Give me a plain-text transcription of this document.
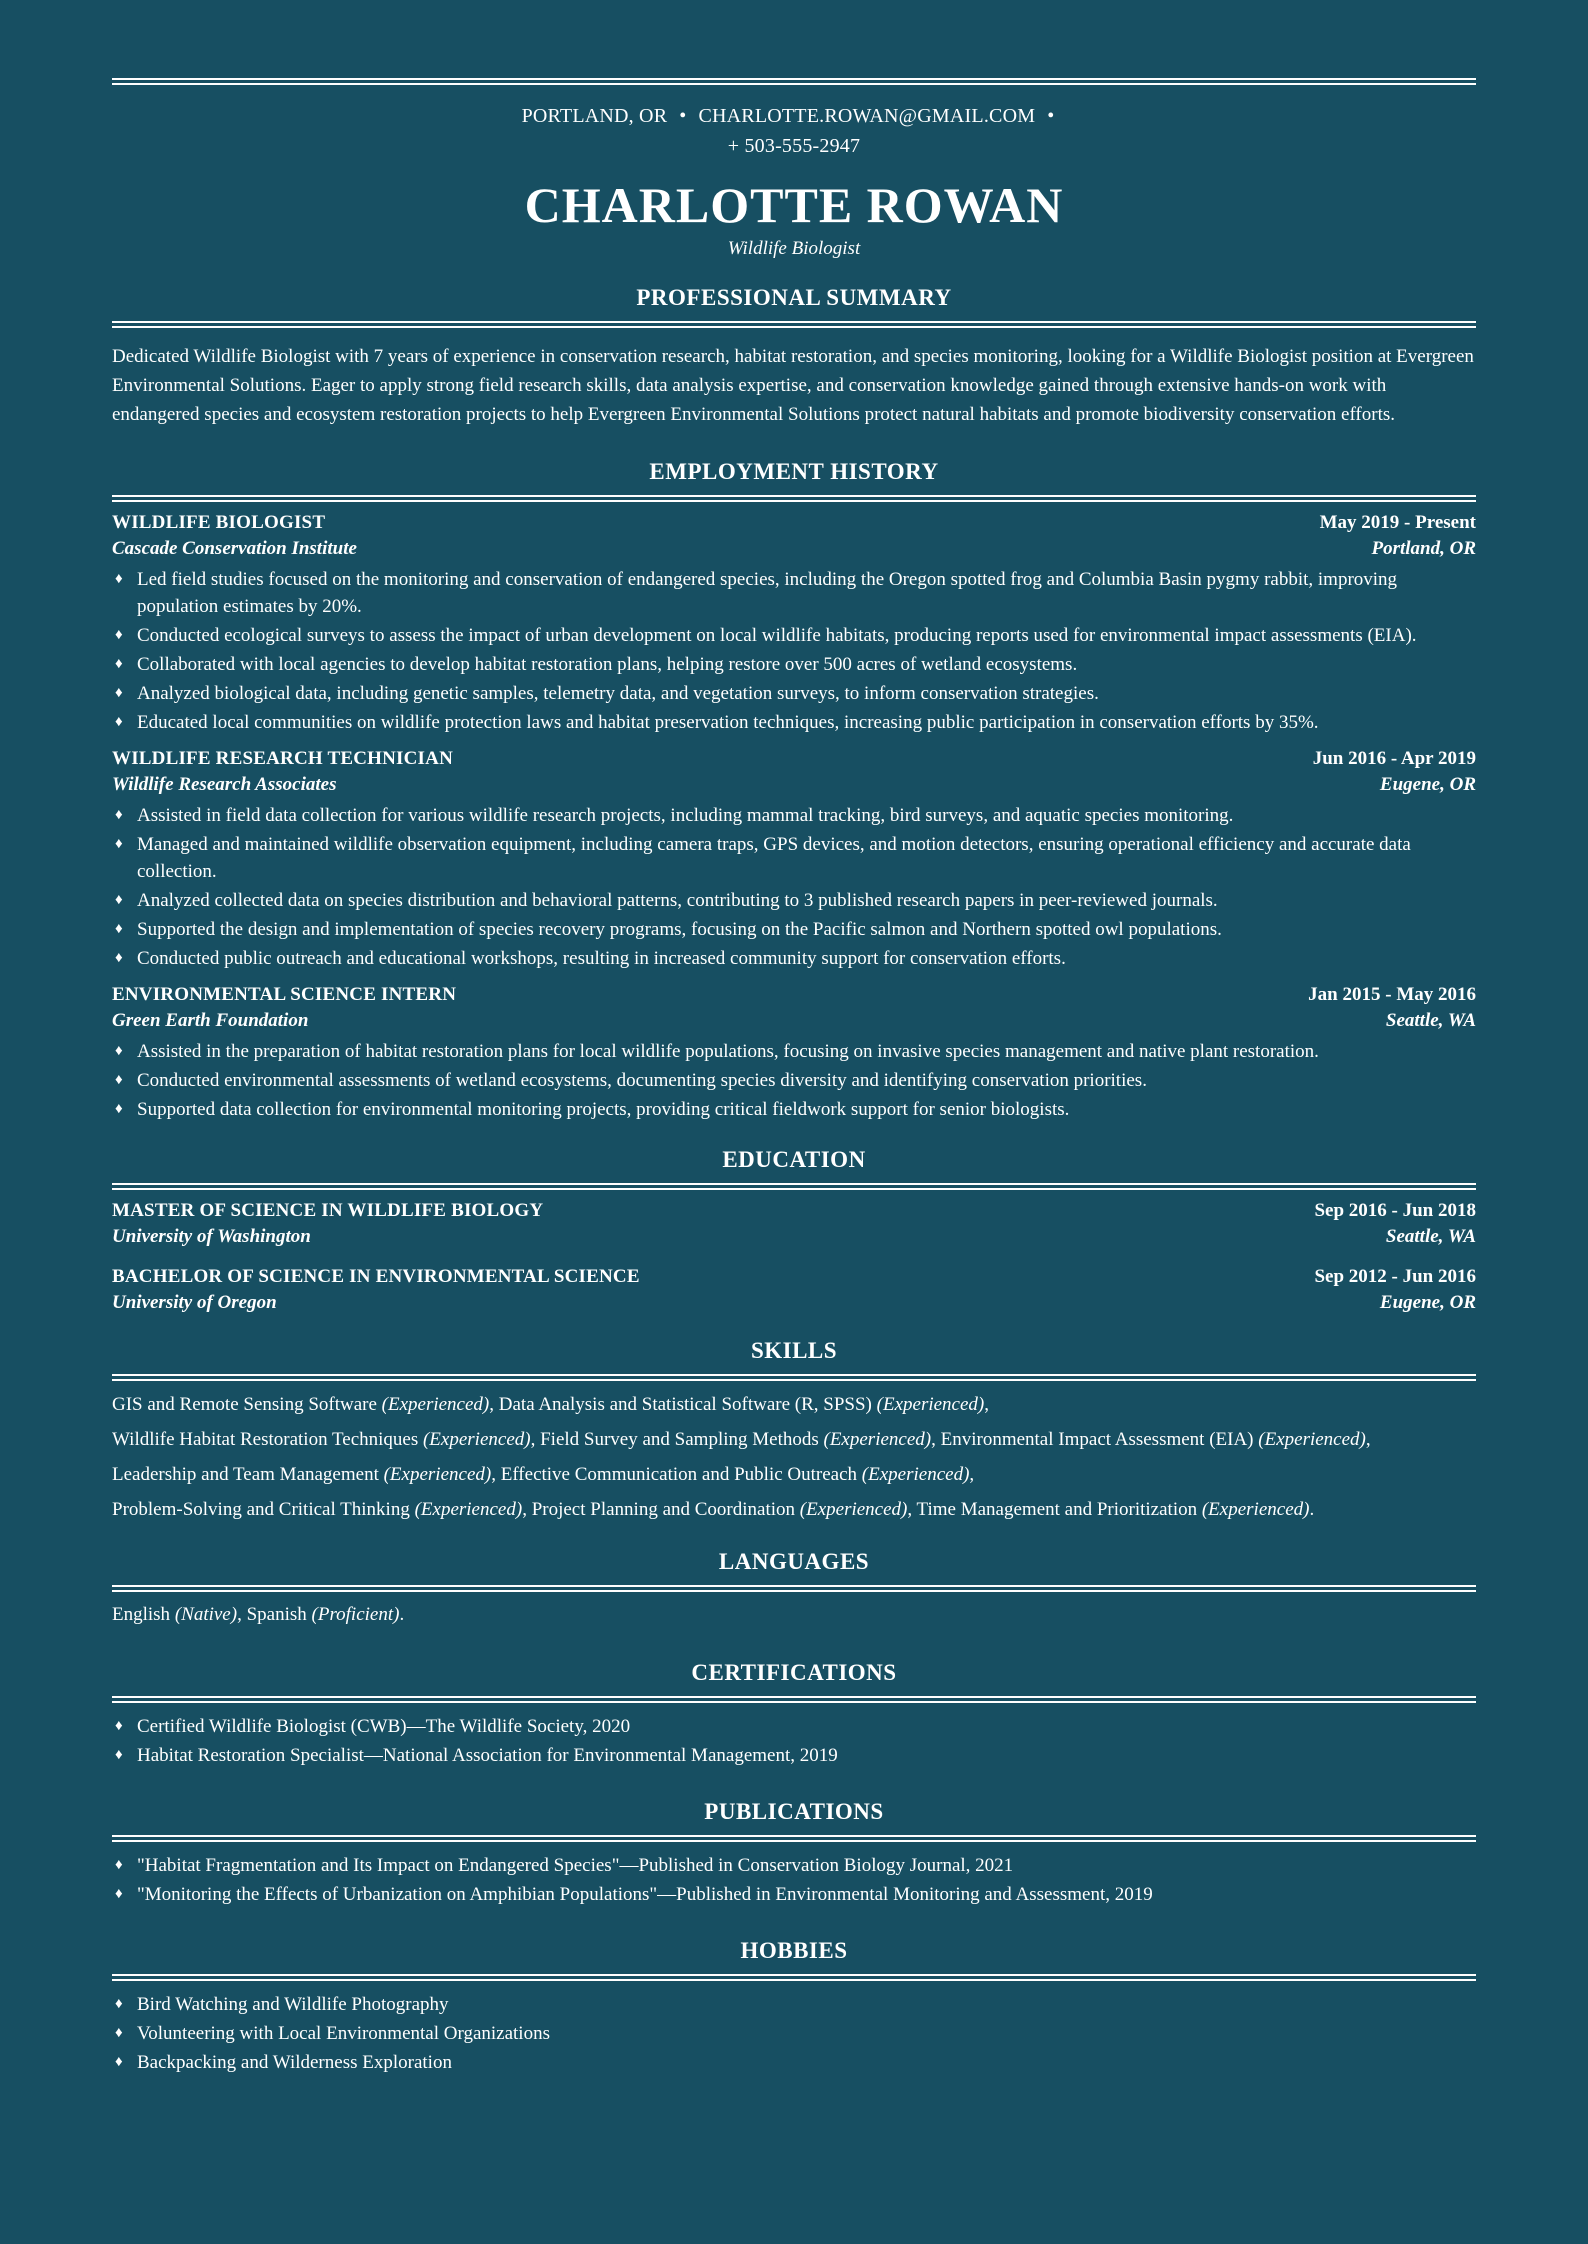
PORTLAND, OR • CHARLOTTE.ROWAN@GMAIL.COM •
+ 503-555-2947
CHARLOTTE ROWAN
Wildlife Biologist
PROFESSIONAL SUMMARY

Dedicated Wildlife Biologist with 7 years of experience in conservation research, habitat restoration, and species monitoring, looking for a Wildlife Biologist position at Evergreen Environmental Solutions. Eager to apply strong field research skills, data analysis expertise, and conservation knowledge gained through extensive hands-on work with endangered species and ecosystem restoration projects to help Evergreen Environmental Solutions protect natural habitats and promote biodiversity conservation efforts.

EMPLOYMENT HISTORY
WILDLIFE BIOLOGIST	May 2019 - Present
Cascade Conservation Institute	Portland, OR
♦ Led field studies focused on the monitoring and conservation of endangered species, including the Oregon spotted frog and Columbia Basin pygmy rabbit, improving population estimates by 20%.
♦ Conducted ecological surveys to assess the impact of urban development on local wildlife habitats, producing reports used for environmental impact assessments (EIA).
♦ Collaborated with local agencies to develop habitat restoration plans, helping restore over 500 acres of wetland ecosystems.
♦ Analyzed biological data, including genetic samples, telemetry data, and vegetation surveys, to inform conservation strategies.
♦ Educated local communities on wildlife protection laws and habitat preservation techniques, increasing public participation in conservation efforts by 35%.
WILDLIFE RESEARCH TECHNICIAN	Jun 2016 - Apr 2019
Wildlife Research Associates	Eugene, OR
♦ Assisted in field data collection for various wildlife research projects, including mammal tracking, bird surveys, and aquatic species monitoring.
♦ Managed and maintained wildlife observation equipment, including camera traps, GPS devices, and motion detectors, ensuring operational efficiency and accurate data collection.
♦ Analyzed collected data on species distribution and behavioral patterns, contributing to 3 published research papers in peer-reviewed journals.
♦ Supported the design and implementation of species recovery programs, focusing on the Pacific salmon and Northern spotted owl populations.
♦ Conducted public outreach and educational workshops, resulting in increased community support for conservation efforts.
ENVIRONMENTAL SCIENCE INTERN	Jan 2015 - May 2016
Green Earth Foundation	Seattle, WA
♦ Assisted in the preparation of habitat restoration plans for local wildlife populations, focusing on invasive species management and native plant restoration.
♦ Conducted environmental assessments of wetland ecosystems, documenting species diversity and identifying conservation priorities.
♦ Supported data collection for environmental monitoring projects, providing critical fieldwork support for senior biologists.
EDUCATION
MASTER OF SCIENCE IN WILDLIFE BIOLOGY	Sep 2016 - Jun 2018
University of Washington	Seattle, WA
BACHELOR OF SCIENCE IN ENVIRONMENTAL SCIENCE	Sep 2012 - Jun 2016
University of Oregon	Eugene, OR
SKILLS
GIS and Remote Sensing Software (Experienced), Data Analysis and Statistical Software (R, SPSS) (Experienced),
Wildlife Habitat Restoration Techniques (Experienced), Field Survey and Sampling Methods (Experienced), Environmental Impact Assessment (EIA) (Experienced),
Leadership and Team Management (Experienced), Effective Communication and Public Outreach (Experienced),
Problem-Solving and Critical Thinking (Experienced), Project Planning and Coordination (Experienced), Time Management and Prioritization (Experienced).
LANGUAGES
English (Native), Spanish (Proficient).
CERTIFICATIONS
♦ Certified Wildlife Biologist (CWB)—The Wildlife Society, 2020
♦ Habitat Restoration Specialist—National Association for Environmental Management, 2019
PUBLICATIONS
♦ "Habitat Fragmentation and Its Impact on Endangered Species"—Published in Conservation Biology Journal, 2021
♦ "Monitoring the Effects of Urbanization on Amphibian Populations"—Published in Environmental Monitoring and Assessment, 2019
HOBBIES
♦ Bird Watching and Wildlife Photography
♦ Volunteering with Local Environmental Organizations
♦ Backpacking and Wilderness Exploration
